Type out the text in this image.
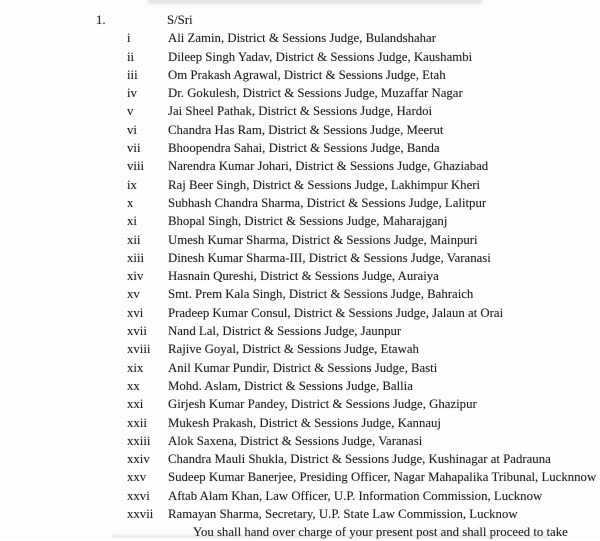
1.	S/Sri
i	Ali Zamin, District & Sessions Judge, Bulandshahar
ii	Dileep Singh Yadav, District & Sessions Judge, Kaushambi
iii	Om Prakash Agrawal, District & Sessions Judge, Etah
iv	Dr. Gokulesh, District & Sessions Judge, Muzaffar Nagar
v	Jai Sheel Pathak, District & Sessions Judge, Hardoi
vi	Chandra Has Ram, District & Sessions Judge, Meerut
vii	Bhoopendra Sahai, District & Sessions Judge, Banda
viii	Narendra Kumar Johari, District & Sessions Judge, Ghaziabad
ix	Raj Beer Singh, District & Sessions Judge, Lakhimpur Kheri
x	Subhash Chandra Sharma, District & Sessions Judge, Lalitpur
xi	Bhopal Singh, District & Sessions Judge, Maharajganj
xii	Umesh Kumar Sharma, District & Sessions Judge, Mainpuri
xiii	Dinesh Kumar Sharma-III, District & Sessions Judge, Varanasi
xiv	Hasnain Qureshi, District & Sessions Judge, Auraiya
xv	Smt. Prem Kala Singh, District & Sessions Judge, Bahraich
xvi	Pradeep Kumar Consul, District & Sessions Judge, Jalaun at Orai
xvii	Nand Lal, District & Sessions Judge, Jaunpur
xviii	Rajive Goyal, District & Sessions Judge, Etawah
xix	Anil Kumar Pundir, District & Sessions Judge, Basti
xx	Mohd. Aslam, District & Sessions Judge, Ballia
xxi	Girjesh Kumar Pandey, District & Sessions Judge, Ghazipur
xxii	Mukesh Prakash, District & Sessions Judge, Kannauj
xxiii	Alok Saxena, District & Sessions Judge, Varanasi
xxiv	Chandra Mauli Shukla, District & Sessions Judge, Kushinagar at Padrauna
xxv	Sudeep Kumar Banerjee, Presiding Officer, Nagar Mahapalika Tribunal, Lucknnow
xxvi	Aftab Alam Khan, Law Officer, U.P. Information Commission, Lucknow
xxvii	Ramayan Sharma, Secretary, U.P. State Law Commission, Lucknow
You shall hand over charge of your present post and shall proceed to take
